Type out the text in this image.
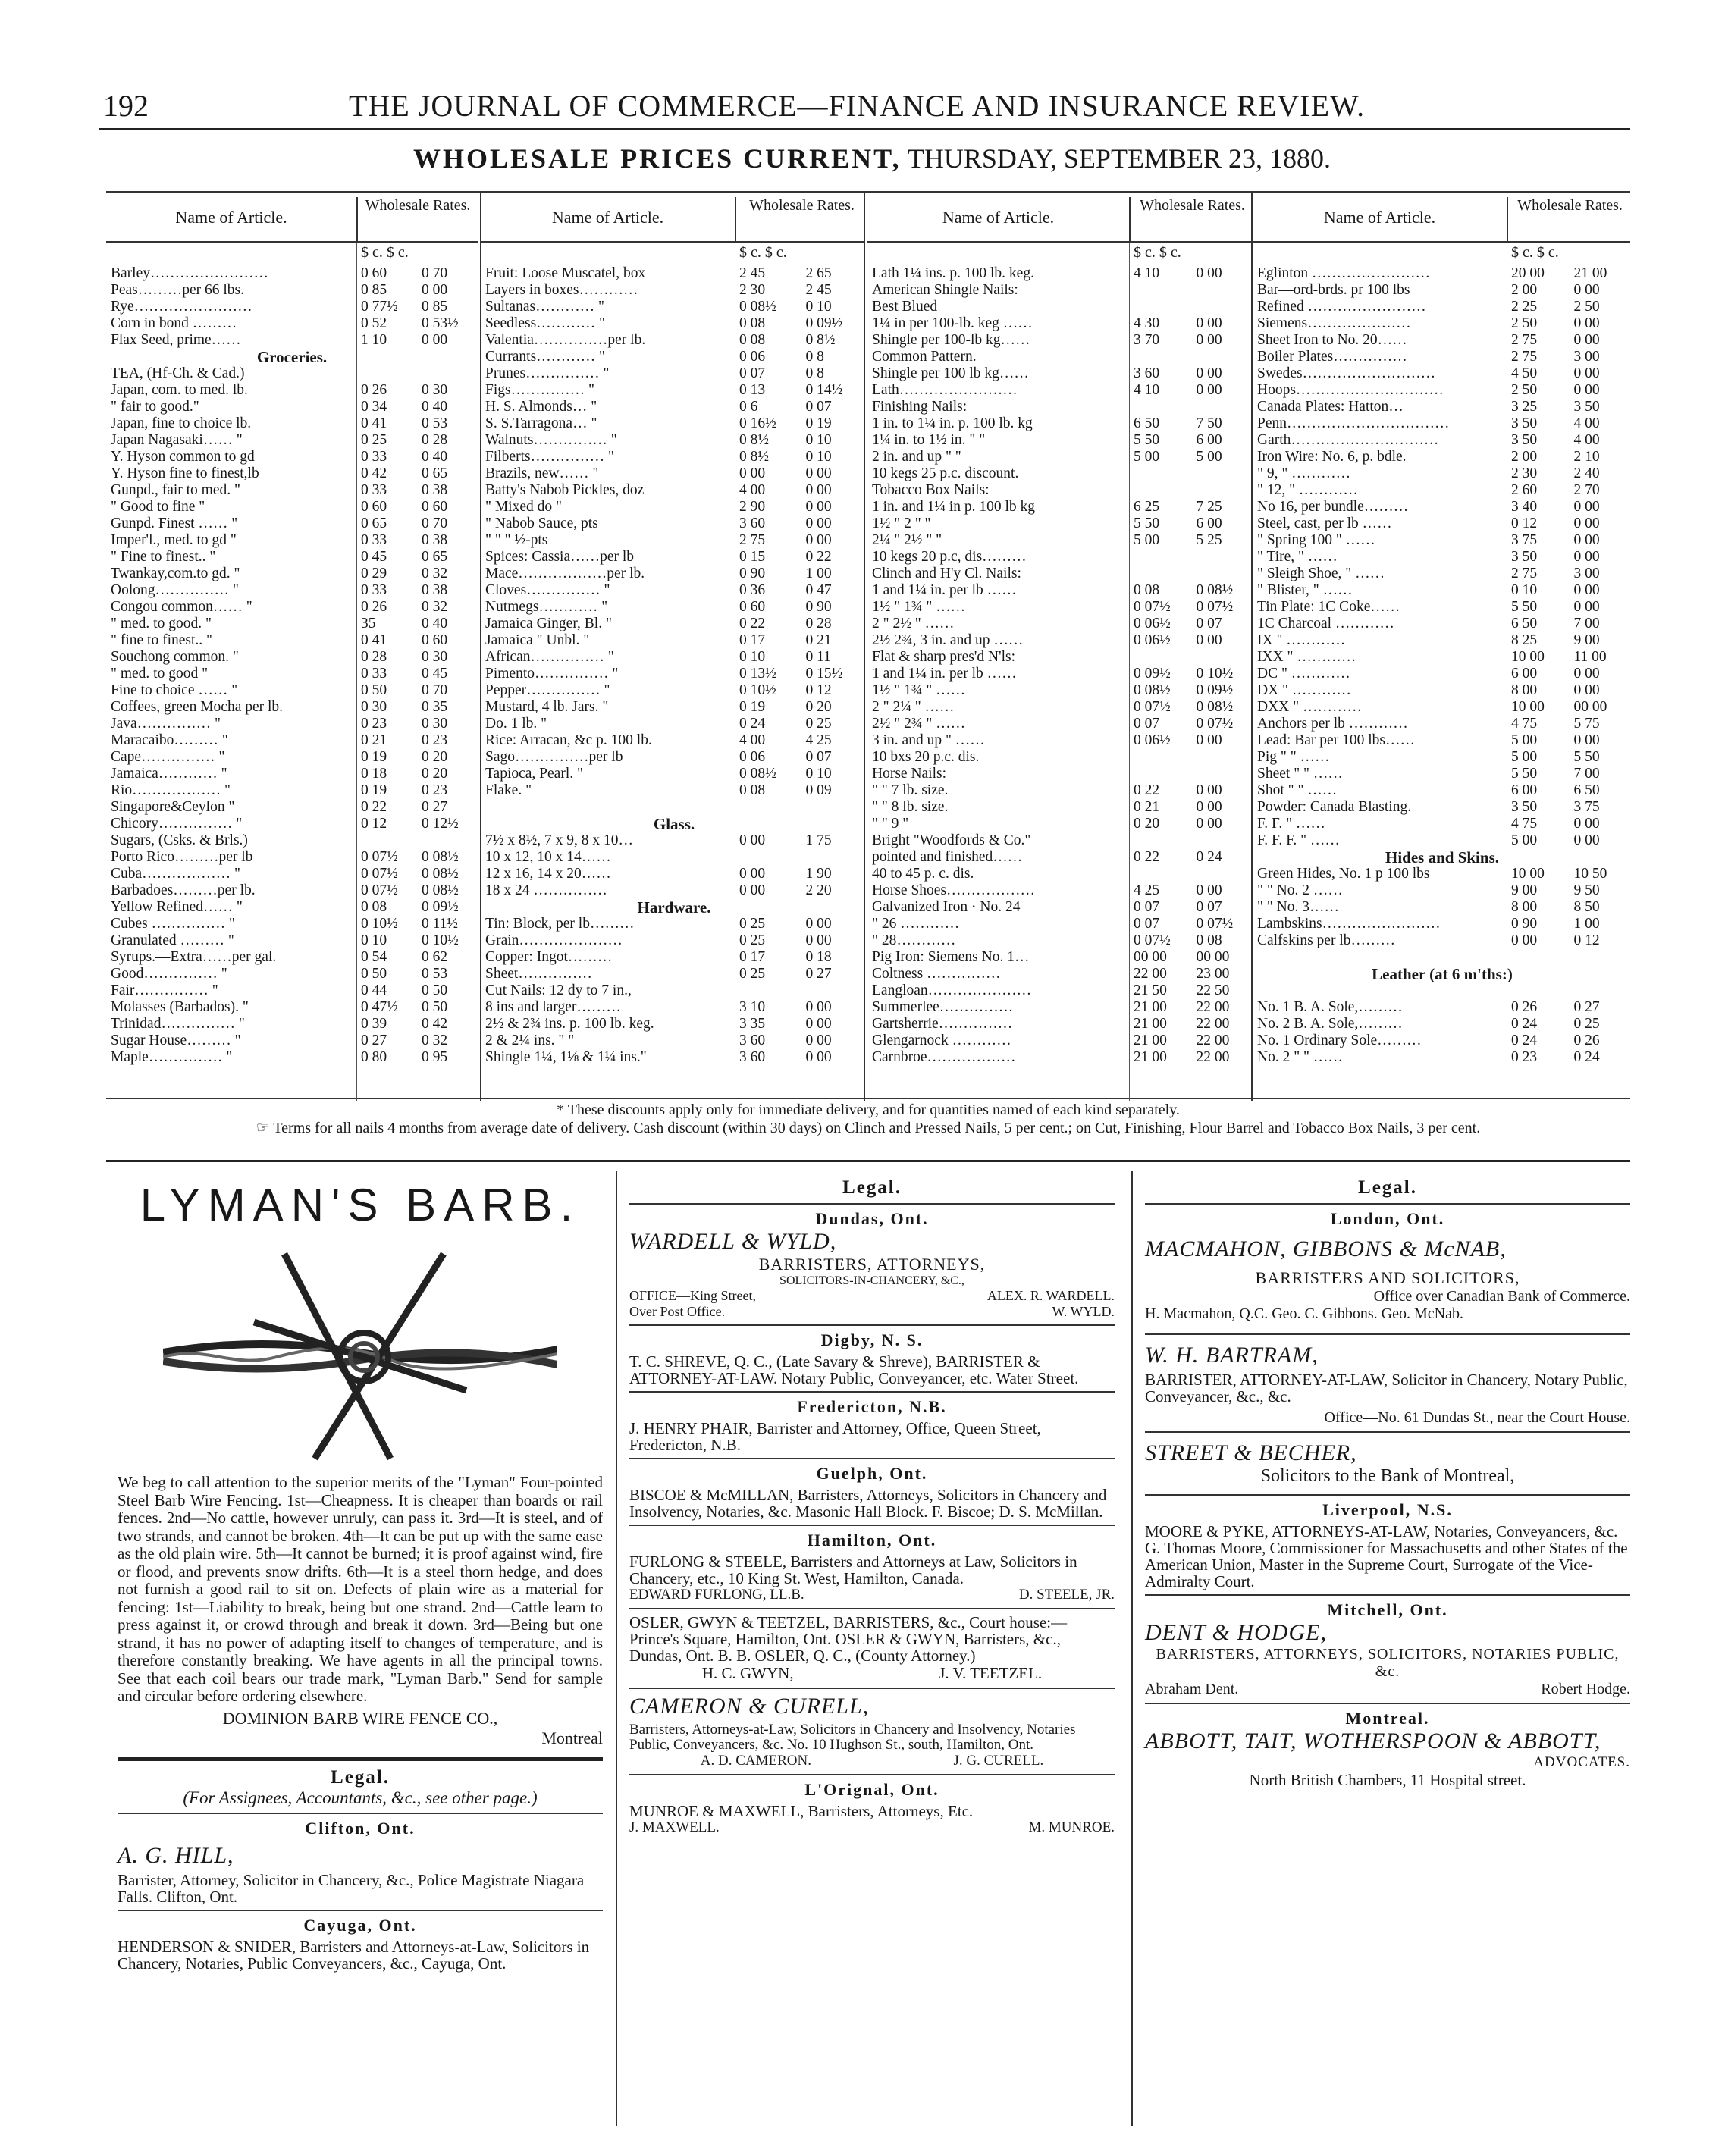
192	THE JOURNAL OF COMMERCE—FINANCE AND INSURANCE REVIEW.
WHOLESALE PRICES CURRENT, THURSDAY, SEPTEMBER 23, 1880.
Name of Article.
Wholesale Rates.
$ c. $ c.
Barley……………………	0 60	0 70
Peas………per 66 lbs.	0 85	0 00
Rye……………………	0 77½	0 85
Corn in bond ………	0 52	0 53½
Flax Seed, prime……	1 10	0 00
Groceries.
TEA, (Hf-Ch. & Cad.)
Japan, com. to med. lb.	0 26	0 30
" fair to good."	0 34	0 40
Japan, fine to choice lb.	0 41	0 53
Japan Nagasaki…… "	0 25	0 28
Y. Hyson common to gd	0 33	0 40
Y. Hyson fine to finest,lb	0 42	0 65
Gunpd., fair to med. "	0 33	0 38
" Good to fine "	0 60	0 60
Gunpd. Finest …… "	0 65	0 70
Imper'l., med. to gd "	0 33	0 38
" Fine to finest.. "	0 45	0 65
Twankay,com.to gd. "	0 29	0 32
Oolong…………… "	0 33	0 38
Congou common…… "	0 26	0 32
" med. to good. "	35	0 40
" fine to finest.. "	0 41	0 60
Souchong common. "	0 28	0 30
" med. to good "	0 33	0 45
Fine to choice …… "	0 50	0 70
Coffees, green Mocha per lb.	0 30	0 35
Java…………… "	0 23	0 30
Maracaibo……… "	0 21	0 23
Cape…………… "	0 19	0 20
Jamaica………… "	0 18	0 20
Rio……………… "	0 19	0 23
Singapore&Ceylon "	0 22	0 27
Chicory…………… "	0 12	0 12½
Sugars, (Csks. & Brls.)
Porto Rico………per lb	0 07½	0 08½
Cuba……………… "	0 07½	0 08½
Barbadoes………per lb.	0 07½	0 08½
Yellow Refined…… "	0 08	0 09½
Cubes …………… "	0 10½	0 11½
Granulated ……… "	0 10	0 10½
Syrups.—Extra……per gal.	0 54	0 62
Good…………… "	0 50	0 53
Fair…………… "	0 44	0 50
Molasses (Barbados). "	0 47½	0 50
Trinidad…………… "	0 39	0 42
Sugar House……… "	0 27	0 32
Maple…………… "	0 80	0 95
Name of Article.
Wholesale Rates.
$ c. $ c.
Fruit: Loose Muscatel, box	2 45	2 65
Layers in boxes…………	2 30	2 45
Sultanas………… "	0 08½	0 10
Seedless………… "	0 08	0 09½
Valentia……………per lb.	0 08	0 8½
Currants………… "	0 06	0 8
Prunes…………… "	0 07	0 8
Figs…………… "	0 13	0 14½
H. S. Almonds… "	0 6	0 07
S. S.Tarragona… "	0 16½	0 19
Walnuts…………… "	0 8½	0 10
Filberts…………… "	0 8½	0 10
Brazils, new…… "	0 00	0 00
Batty's Nabob Pickles, doz	4 00	0 00
" Mixed do "	2 90	0 00
" Nabob Sauce, pts	3 60	0 00
" " " ½-pts	2 75	0 00
Spices: Cassia……per lb	0 15	0 22
Mace………………per lb.	0 90	1 00
Cloves…………… "	0 36	0 47
Nutmegs………… "	0 60	0 90
Jamaica Ginger, Bl. "	0 22	0 28
Jamaica " Unbl. "	0 17	0 21
African…………… "	0 10	0 11
Pimento…………… "	0 13½	0 15½
Pepper…………… "	0 10½	0 12
Mustard, 4 lb. Jars. "	0 19	0 20
Do. 1 lb. "	0 24	0 25
Rice: Arracan, &c p. 100 lb.	4 00	4 25
Sago……………per lb	0 06	0 07
Tapioca, Pearl. "	0 08½	0 10
Flake. "	0 08	0 09
Glass.
7½ x 8½, 7 x 9, 8 x 10…	0 00	1 75
10 x 12, 10 x 14……
12 x 16, 14 x 20……	0 00	1 90
18 x 24 ……………	0 00	2 20
Hardware.
Tin: Block, per lb………	0 25	0 00
Grain…………………	0 25	0 00
Copper: Ingot………	0 17	0 18
Sheet……………	0 25	0 27
Cut Nails: 12 dy to 7 in.,
8 ins and larger………	3 10	0 00
2½ & 2¾ ins. p. 100 lb. keg.	3 35	0 00
2 & 2¼ ins. " "	3 60	0 00
Shingle 1¼, 1⅛ & 1¼ ins."	3 60	0 00
Name of Article.
Wholesale Rates.
$ c. $ c.
Lath 1¼ ins. p. 100 lb. keg.	4 10	0 00
American Shingle Nails:
Best Blued
1¼ in per 100-lb. keg ……	4 30	0 00
Shingle per 100-lb kg……	3 70	0 00
Common Pattern.
Shingle per 100 lb kg……	3 60	0 00
Lath……………………	4 10	0 00
Finishing Nails:
1 in. to 1¼ in. p. 100 lb. kg	6 50	7 50
1¼ in. to 1½ in. " "	5 50	6 00
2 in. and up " "	5 00	5 00
10 kegs 25 p.c. discount.
Tobacco Box Nails:
1 in. and 1¼ in p. 100 lb kg	6 25	7 25
1½ " 2 " "	5 50	6 00
2¼ " 2½ " "	5 00	5 25
10 kegs 20 p.c, dis………
Clinch and H'y Cl. Nails:
1 and 1¼ in. per lb ……	0 08	0 08½
1½ " 1¾ " ……	0 07½	0 07½
2 " 2½ " ……	0 06½	0 07
2½ 2¾, 3 in. and up ……	0 06½	0 00
Flat & sharp pres'd N'ls:
1 and 1¼ in. per lb ……	0 09½	0 10½
1½ " 1¾ " ……	0 08½	0 09½
2 " 2¼ " ……	0 07½	0 08½
2½ " 2¾ " ……	0 07	0 07½
3 in. and up " ……	0 06½	0 00
10 bxs 20 p.c. dis.
Horse Nails:
" " 7 lb. size.	0 22	0 00
" " 8 lb. size.	0 21	0 00
" " 9 "	0 20	0 00
Bright "Woodfords & Co."
pointed and finished……	0 22	0 24
40 to 45 p. c. dis.
Horse Shoes………………	4 25	0 00
Galvanized Iron · No. 24	0 07	0 07
" 26 …………	0 07	0 07½
" 28…………	0 07½	0 08
Pig Iron: Siemens No. 1…	00 00	00 00
Coltness ……………	22 00	23 00
Langloan…………………	21 50	22 50
Summerlee……………	21 00	22 00
Gartsherrie……………	21 00	22 00
Glengarnock …………	21 00	22 00
Carnbroe………………	21 00	22 00
Name of Article.
Wholesale Rates.
$ c. $ c.
Eglinton ……………………	20 00	21 00
Bar—ord-brds. pr 100 lbs	2 00	0 00
Refined ……………………	2 25	2 50
Siemens…………………	2 50	0 00
Sheet Iron to No. 20……	2 75	0 00
Boiler Plates……………	2 75	3 00
Swedes………………………	4 50	0 00
Hoops…………………………	2 50	0 00
Canada Plates: Hatton…	3 25	3 50
Penn……………………………	3 50	4 00
Garth…………………………	3 50	4 00
Iron Wire: No. 6, p. bdle.	2 00	2 10
" 9, " …………	2 30	2 40
" 12, " …………	2 60	2 70
No 16, per bundle………	3 40	0 00
Steel, cast, per lb ……	0 12	0 00
" Spring 100 " ……	3 75	0 00
" Tire, " ……	3 50	0 00
" Sleigh Shoe, " ……	2 75	3 00
" Blister, " ……	0 10	0 00
Tin Plate: 1C Coke……	5 50	0 00
1C Charcoal …………	6 50	7 00
IX " …………	8 25	9 00
IXX " …………	10 00	11 00
DC " …………	6 00	0 00
DX " …………	8 00	0 00
DXX " …………	10 00	00 00
Anchors per lb …………	4 75	5 75
Lead: Bar per 100 lbs……	5 00	0 00
Pig " " ……	5 00	5 50
Sheet " " ……	5 50	7 00
Shot " " ……	6 00	6 50
Powder: Canada Blasting.	3 50	3 75
F. F. " ……	4 75	0 00
F. F. F. " ……	5 00	0 00
Hides and Skins.
Green Hides, No. 1 p 100 lbs	10 00	10 50
" " No. 2 ……	9 00	9 50
" " No. 3……	8 00	8 50
Lambskins……………………	0 90	1 00
Calfskins per lb………	0 00	0 12
Leather (at 6 m'ths:)
No. 1 B. A. Sole,………	0 26	0 27
No. 2 B. A. Sole,………	0 24	0 25
No. 1 Ordinary Sole………	0 24	0 26
No. 2 " " ……	0 23	0 24
* These discounts apply only for immediate delivery, and for quantities named of each kind separately.
☞ Terms for all nails 4 months from average date of delivery. Cash discount (within 30 days) on Clinch and Pressed Nails, 5 per cent.; on Cut, Finishing, Flour Barrel and Tobacco Box Nails, 3 per cent.
LYMAN'S BARB.
We beg to call attention to the superior merits of the "Lyman" Four-pointed Steel Barb Wire Fencing. 1st—Cheapness. It is cheaper than boards or rail fences. 2nd—No cattle, however unruly, can pass it. 3rd—It is steel, and of two strands, and cannot be broken. 4th—It can be put up with the same ease as the old plain wire. 5th—It cannot be burned; it is proof against wind, fire or flood, and prevents snow drifts. 6th—It is a steel thorn hedge, and does not furnish a good rail to sit on. Defects of plain wire as a material for fencing: 1st—Liability to break, being but one strand. 2nd—Cattle learn to press against it, or crowd through and break it down. 3rd—Being but one strand, it has no power of adapting itself to changes of temperature, and is therefore constantly breaking. We have agents in all the principal towns. See that each coil bears our trade mark, "Lyman Barb." Send for sample and circular before ordering elsewhere.
DOMINION BARB WIRE FENCE CO.,
Montreal
Legal.
(For Assignees, Accountants, &c., see other page.)
Clifton, Ont.
A. G. HILL,
Barrister, Attorney, Solicitor in Chancery, &c., Police Magistrate Niagara Falls. Clifton, Ont.
Cayuga, Ont.
HENDERSON & SNIDER, Barristers and Attorneys-at-Law, Solicitors in Chancery, Notaries, Public Conveyancers, &c., Cayuga, Ont.
Legal.
Dundas, Ont.
WARDELL & WYLD,
BARRISTERS, ATTORNEYS,
SOLICITORS-IN-CHANCERY, &C.,
OFFICE—King Street,	ALEX. R. WARDELL.
Over Post Office.	W. WYLD.
Digby, N. S.
T. C. SHREVE, Q. C., (Late Savary & Shreve), BARRISTER & ATTORNEY-AT-LAW. Notary Public, Conveyancer, etc. Water Street.
Fredericton, N.B.
J. HENRY PHAIR, Barrister and Attorney, Office, Queen Street, Fredericton, N.B.
Guelph, Ont.
BISCOE & McMILLAN, Barristers, Attorneys, Solicitors in Chancery and Insolvency, Notaries, &c. Masonic Hall Block. F. Biscoe; D. S. McMillan.
Hamilton, Ont.
FURLONG & STEELE, Barristers and Attorneys at Law, Solicitors in Chancery, etc., 10 King St. West, Hamilton, Canada.
EDWARD FURLONG, LL.B.	D. STEELE, JR.
OSLER, GWYN & TEETZEL, BARRISTERS, &c., Court house:—Prince's Square, Hamilton, Ont. OSLER & GWYN, Barristers, &c., Dundas, Ont. B. B. OSLER, Q. C., (County Attorney.)
H. C. GWYN,	J. V. TEETZEL.
CAMERON & CURELL,
Barristers, Attorneys-at-Law, Solicitors in Chancery and Insolvency, Notaries Public, Conveyancers, &c. No. 10 Hughson St., south, Hamilton, Ont.
A. D. CAMERON.	J. G. CURELL.
L'Orignal, Ont.
MUNROE & MAXWELL, Barristers, Attorneys, Etc.
J. MAXWELL.	M. MUNROE.
Legal.
London, Ont.
MACMAHON, GIBBONS & McNAB,
BARRISTERS AND SOLICITORS,
Office over Canadian Bank of Commerce.
H. Macmahon, Q.C. Geo. C. Gibbons. Geo. McNab.
W. H. BARTRAM,
BARRISTER, ATTORNEY-AT-LAW, Solicitor in Chancery, Notary Public, Conveyancer, &c., &c.
Office—No. 61 Dundas St., near the Court House.
STREET & BECHER,
Solicitors to the Bank of Montreal,
Liverpool, N.S.
MOORE & PYKE, ATTORNEYS-AT-LAW, Notaries, Conveyancers, &c. G. Thomas Moore, Commissioner for Massachusetts and other States of the American Union, Master in the Supreme Court, Surrogate of the Vice-Admiralty Court.
Mitchell, Ont.
DENT & HODGE,
BARRISTERS, ATTORNEYS, SOLICITORS, NOTARIES PUBLIC, &c.
Abraham Dent.	Robert Hodge.
Montreal.
ABBOTT, TAIT, WOTHERSPOON & ABBOTT,
ADVOCATES.
North British Chambers, 11 Hospital street.
